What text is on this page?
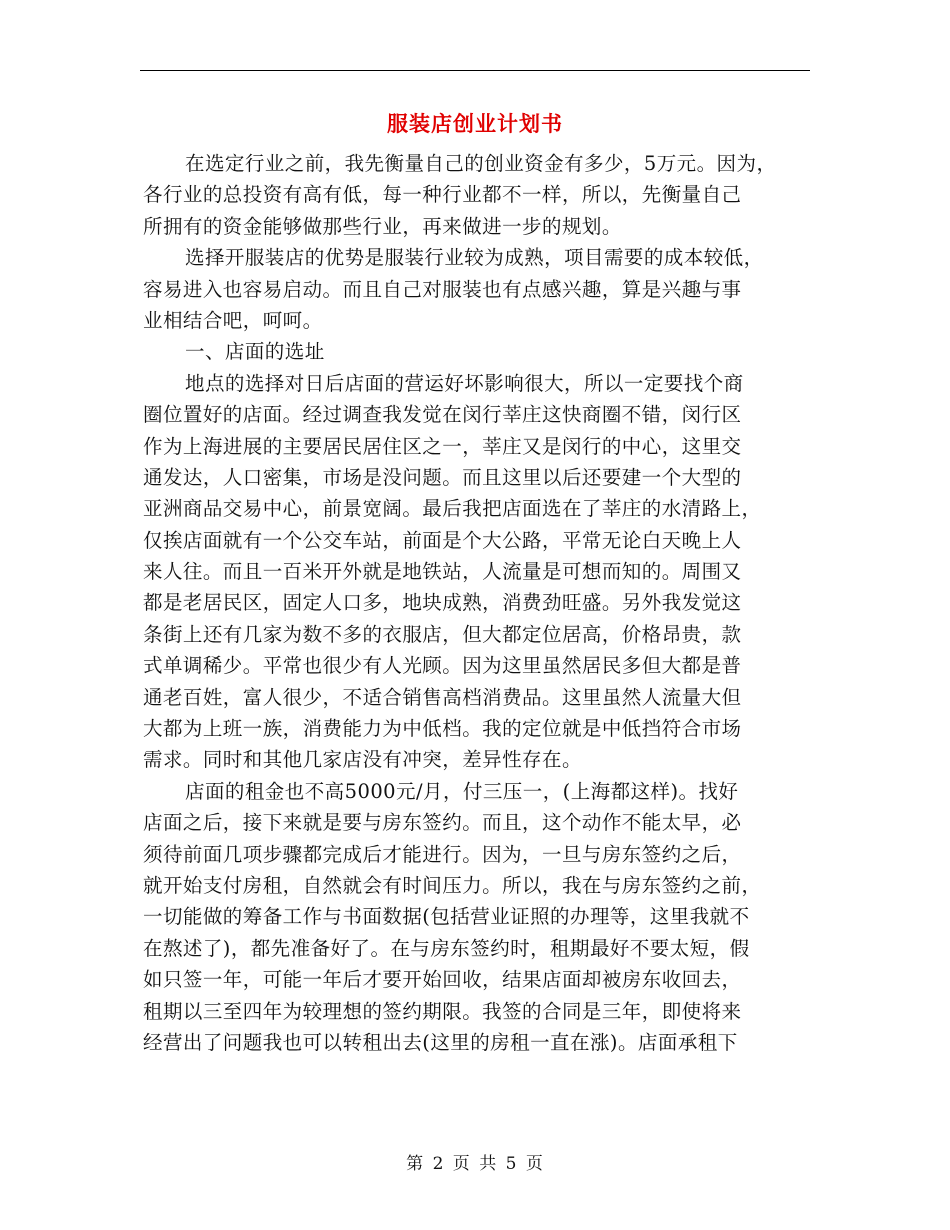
服装店创业计划书
在选定行业之前，我先衡量自己的创业资金有多少，5万元。因为，
各行业的总投资有高有低，每一种行业都不一样，所以，先衡量自己
所拥有的资金能够做那些行业，再来做进一步的规划。
选择开服装店的优势是服装行业较为成熟，项目需要的成本较低，
容易进入也容易启动。而且自己对服装也有点感兴趣，算是兴趣与事
业相结合吧，呵呵。
一、店面的选址
地点的选择对日后店面的营运好坏影响很大，所以一定要找个商
圈位置好的店面。经过调查我发觉在闵行莘庄这快商圈不错，闵行区
作为上海进展的主要居民居住区之一，莘庄又是闵行的中心，这里交
通发达，人口密集，市场是没问题。而且这里以后还要建一个大型的
亚洲商品交易中心，前景宽阔。最后我把店面选在了莘庄的水清路上，
仅挨店面就有一个公交车站，前面是个大公路，平常无论白天晚上人
来人往。而且一百米开外就是地铁站，人流量是可想而知的。周围又
都是老居民区，固定人口多，地块成熟，消费劲旺盛。另外我发觉这
条街上还有几家为数不多的衣服店，但大都定位居高，价格昂贵，款
式单调稀少。平常也很少有人光顾。因为这里虽然居民多但大都是普
通老百姓，富人很少，不适合销售高档消费品。这里虽然人流量大但
大都为上班一族，消费能力为中低档。我的定位就是中低挡符合市场
需求。同时和其他几家店没有冲突，差异性存在。
店面的租金也不高5000元/月，付三压一，(上海都这样)。找好
店面之后，接下来就是要与房东签约。而且，这个动作不能太早，必
须待前面几项步骤都完成后才能进行。因为，一旦与房东签约之后，
就开始支付房租，自然就会有时间压力。所以，我在与房东签约之前，
一切能做的筹备工作与书面数据(包括营业证照的办理等，这里我就不
在熬述了)，都先准备好了。在与房东签约时，租期最好不要太短，假
如只签一年，可能一年后才要开始回收，结果店面却被房东收回去，
租期以三至四年为较理想的签约期限。我签的合同是三年，即使将来
经营出了问题我也可以转租出去(这里的房租一直在涨)。店面承租下
第 2 页 共 5 页
